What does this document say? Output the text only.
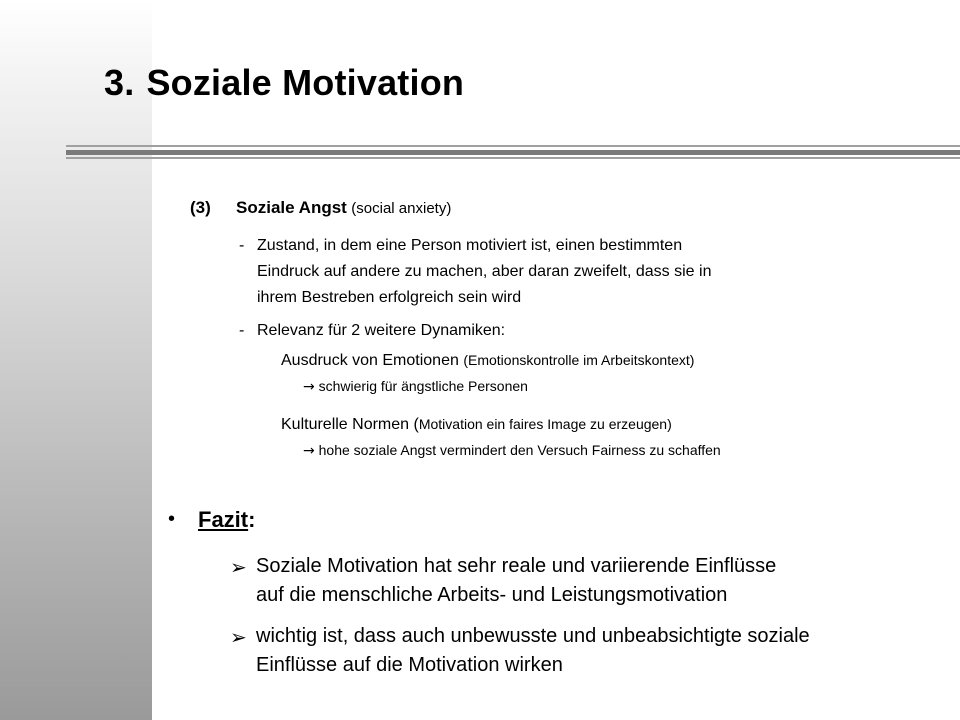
3. Soziale Motivation
(3) Soziale Angst (social anxiety)
- Zustand, in dem eine Person motiviert ist, einen bestimmten
Eindruck auf andere zu machen, aber daran zweifelt, dass sie in
ihrem Bestreben erfolgreich sein wird
- Relevanz für 2 weitere Dynamiken:
Ausdruck von Emotionen (Emotionskontrolle im Arbeitskontext)
→ schwierig für ängstliche Personen
Kulturelle Normen (Motivation ein faires Image zu erzeugen)
→ hohe soziale Angst vermindert den Versuch Fairness zu schaffen
• Fazit:
➢ Soziale Motivation hat sehr reale und variierende Einflüsse
auf die menschliche Arbeits- und Leistungsmotivation
➢ wichtig ist, dass auch unbewusste und unbeabsichtigte soziale
Einflüsse auf die Motivation wirken
